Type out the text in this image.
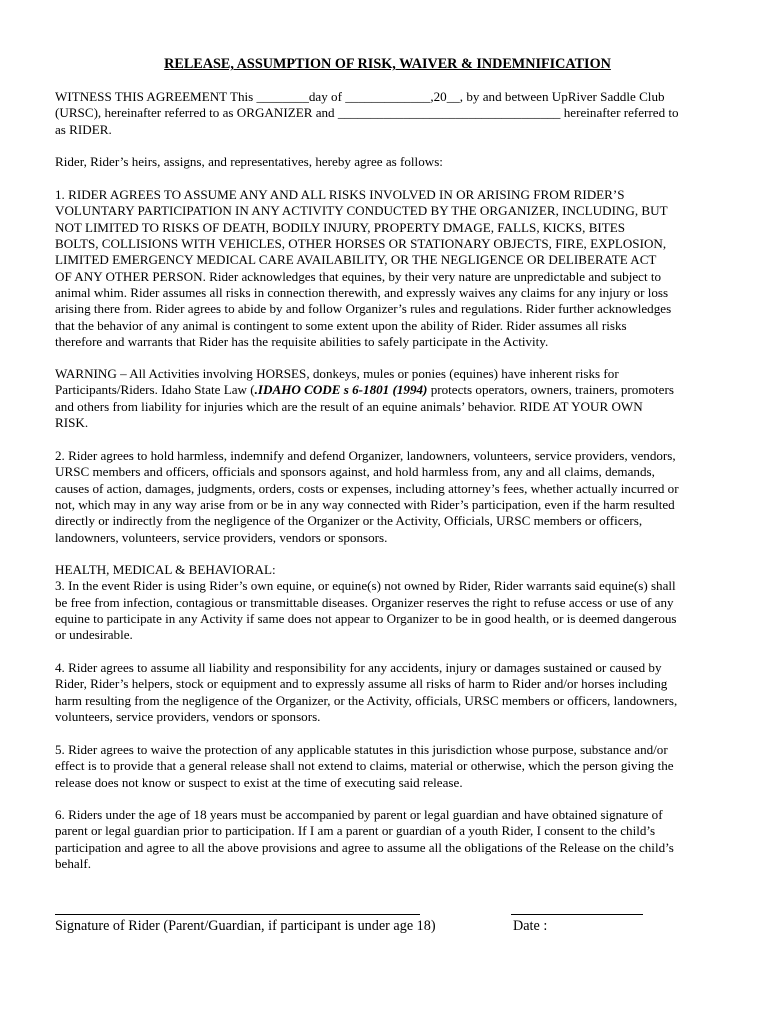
RELEASE, ASSUMPTION OF RISK, WAIVER & INDEMNIFICATION
WITNESS THIS AGREEMENT This ________day of _____________,20__, by and between UpRiver Saddle Club
(URSC), hereinafter referred to as ORGANIZER and __________________________________ hereinafter referred to
as RIDER.
Rider, Rider’s heirs, assigns, and representatives, hereby agree as follows:
1. RIDER AGREES TO ASSUME ANY AND ALL RISKS INVOLVED IN OR ARISING FROM RIDER’S
VOLUNTARY PARTICIPATION IN ANY ACTIVITY CONDUCTED BY THE ORGANIZER, INCLUDING, BUT
NOT LIMITED TO RISKS OF DEATH, BODILY INJURY, PROPERTY DMAGE, FALLS, KICKS, BITES
BOLTS, COLLISIONS WITH VEHICLES, OTHER HORSES OR STATIONARY OBJECTS, FIRE, EXPLOSION,
LIMITED EMERGENCY MEDICAL CARE AVAILABILITY, OR THE NEGLIGENCE OR DELIBERATE ACT
OF ANY OTHER PERSON. Rider acknowledges that equines, by their very nature are unpredictable and subject to
animal whim. Rider assumes all risks in connection therewith, and expressly waives any claims for any injury or loss
arising there from. Rider agrees to abide by and follow Organizer’s rules and regulations. Rider further acknowledges
that the behavior of any animal is contingent to some extent upon the ability of Rider. Rider assumes all risks
therefore and warrants that Rider has the requisite abilities to safely participate in the Activity.
WARNING – All Activities involving HORSES, donkeys, mules or ponies (equines) have inherent risks for
Participants/Riders. Idaho State Law (.IDAHO CODE s 6-1801 (1994) protects operators, owners, trainers, promoters
and others from liability for injuries which are the result of an equine animals’ behavior. RIDE AT YOUR OWN
RISK.
2. Rider agrees to hold harmless, indemnify and defend Organizer, landowners, volunteers, service providers, vendors,
URSC members and officers, officials and sponsors against, and hold harmless from, any and all claims, demands,
causes of action, damages, judgments, orders, costs or expenses, including attorney’s fees, whether actually incurred or
not, which may in any way arise from or be in any way connected with Rider’s participation, even if the harm resulted
directly or indirectly from the negligence of the Organizer or the Activity, Officials, URSC members or officers,
landowners, volunteers, service providers, vendors or sponsors.
HEALTH, MEDICAL & BEHAVIORAL:
3. In the event Rider is using Rider’s own equine, or equine(s) not owned by Rider, Rider warrants said equine(s) shall
be free from infection, contagious or transmittable diseases. Organizer reserves the right to refuse access or use of any
equine to participate in any Activity if same does not appear to Organizer to be in good health, or is deemed dangerous
or undesirable.
4. Rider agrees to assume all liability and responsibility for any accidents, injury or damages sustained or caused by
Rider, Rider’s helpers, stock or equipment and to expressly assume all risks of harm to Rider and/or horses including
harm resulting from the negligence of the Organizer, or the Activity, officials, URSC members or officers, landowners,
volunteers, service providers, vendors or sponsors.
5. Rider agrees to waive the protection of any applicable statutes in this jurisdiction whose purpose, substance and/or
effect is to provide that a general release shall not extend to claims, material or otherwise, which the person giving the
release does not know or suspect to exist at the time of executing said release.
6. Riders under the age of 18 years must be accompanied by parent or legal guardian and have obtained signature of
parent or legal guardian prior to participation. If I am a parent or guardian of a youth Rider, I consent to the child’s
participation and agree to all the above provisions and agree to assume all the obligations of the Release on the child’s
behalf.
Signature of Rider (Parent/Guardian, if participant is under age 18)	Date :
